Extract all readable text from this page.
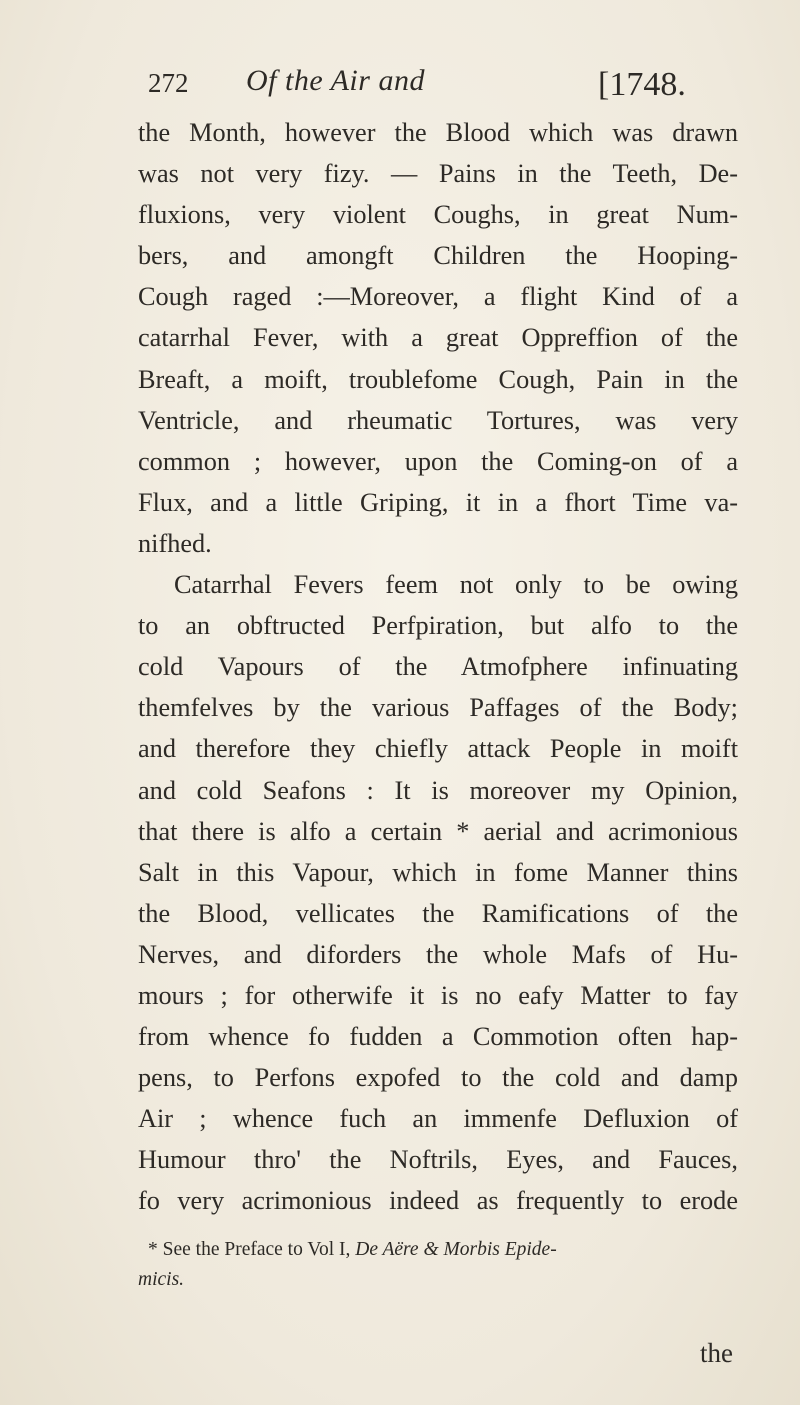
272 Of the Air and	[1748.
the Month, however the Blood which was drawn
was not very fizy. — Pains in the Teeth, De-
fluxions, very violent Coughs, in great Num-
bers, and amongft Children the Hooping-
Cough raged :—Moreover, a flight Kind of a
catarrhal Fever, with a great Oppreffion of the
Breaft, a moift, troublefome Cough, Pain in the
Ventricle, and rheumatic Tortures, was very
common ; however, upon the Coming-on of a
Flux, and a little Griping, it in a fhort Time va-
nifhed.
Catarrhal Fevers feem not only to be owing
to an obftructed Perfpiration, but alfo to the
cold Vapours of the Atmofphere infinuating
themfelves by the various Paffages of the Body;
and therefore they chiefly attack People in moift
and cold Seafons : It is moreover my Opinion,
that there is alfo a certain * aerial and acrimonious
Salt in this Vapour, which in fome Manner thins
the Blood, vellicates the Ramifications of the
Nerves, and diforders the whole Mafs of Hu-
mours ; for otherwife it is no eafy Matter to fay
from whence fo fudden a Commotion often hap-
pens, to Perfons expofed to the cold and damp
Air ; whence fuch an immenfe Defluxion of
Humour thro' the Noftrils, Eyes, and Fauces,
fo very acrimonious indeed as frequently to erode
* See the Preface to Vol I, De Aëre & Morbis Epide-
micis.
the
